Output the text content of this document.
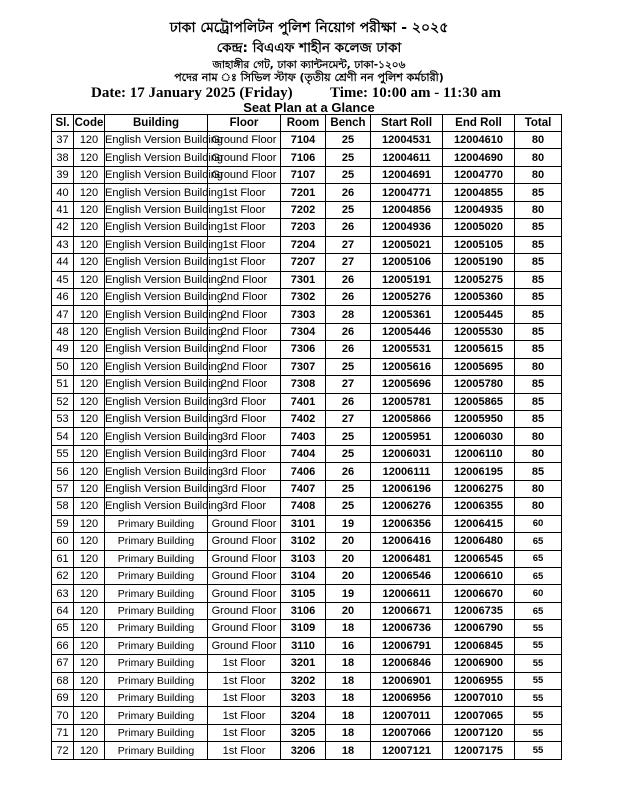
ঢাকা মেট্রোপলিটন পুলিশ নিয়োগ পরীক্ষা - ২০২৫
কেন্দ্র: বিএএফ শাহীন কলেজ ঢাকা
জাহাঙ্গীর গেট, ঢাকা ক্যান্টনমেন্ট, ঢাকা-১২০৬
পদের নাম ঃ সিভিল স্টাফ (তৃতীয় শ্রেণী নন পুলিশ কর্মচারী)
Date: 17 January 2025 (Friday) Time: 10:00 am - 11:30 am
Seat Plan at a Glance
Sl.	Code	Building	Floor	Room	Bench	Start Roll	End Roll	Total
37	120	English Version Building	Ground Floor	7104	25	12004531	12004610	80
38	120	English Version Building	Ground Floor	7106	25	12004611	12004690	80
39	120	English Version Building	Ground Floor	7107	25	12004691	12004770	80
40	120	English Version Building	1st Floor	7201	26	12004771	12004855	85
41	120	English Version Building	1st Floor	7202	25	12004856	12004935	80
42	120	English Version Building	1st Floor	7203	26	12004936	12005020	85
43	120	English Version Building	1st Floor	7204	27	12005021	12005105	85
44	120	English Version Building	1st Floor	7207	27	12005106	12005190	85
45	120	English Version Building	2nd Floor	7301	26	12005191	12005275	85
46	120	English Version Building	2nd Floor	7302	26	12005276	12005360	85
47	120	English Version Building	2nd Floor	7303	28	12005361	12005445	85
48	120	English Version Building	2nd Floor	7304	26	12005446	12005530	85
49	120	English Version Building	2nd Floor	7306	26	12005531	12005615	85
50	120	English Version Building	2nd Floor	7307	25	12005616	12005695	80
51	120	English Version Building	2nd Floor	7308	27	12005696	12005780	85
52	120	English Version Building	3rd Floor	7401	26	12005781	12005865	85
53	120	English Version Building	3rd Floor	7402	27	12005866	12005950	85
54	120	English Version Building	3rd Floor	7403	25	12005951	12006030	80
55	120	English Version Building	3rd Floor	7404	25	12006031	12006110	80
56	120	English Version Building	3rd Floor	7406	26	12006111	12006195	85
57	120	English Version Building	3rd Floor	7407	25	12006196	12006275	80
58	120	English Version Building	3rd Floor	7408	25	12006276	12006355	80
59	120	Primary Building	Ground Floor	3101	19	12006356	12006415	60
60	120	Primary Building	Ground Floor	3102	20	12006416	12006480	65
61	120	Primary Building	Ground Floor	3103	20	12006481	12006545	65
62	120	Primary Building	Ground Floor	3104	20	12006546	12006610	65
63	120	Primary Building	Ground Floor	3105	19	12006611	12006670	60
64	120	Primary Building	Ground Floor	3106	20	12006671	12006735	65
65	120	Primary Building	Ground Floor	3109	18	12006736	12006790	55
66	120	Primary Building	Ground Floor	3110	16	12006791	12006845	55
67	120	Primary Building	1st Floor	3201	18	12006846	12006900	55
68	120	Primary Building	1st Floor	3202	18	12006901	12006955	55
69	120	Primary Building	1st Floor	3203	18	12006956	12007010	55
70	120	Primary Building	1st Floor	3204	18	12007011	12007065	55
71	120	Primary Building	1st Floor	3205	18	12007066	12007120	55
72	120	Primary Building	1st Floor	3206	18	12007121	12007175	55
